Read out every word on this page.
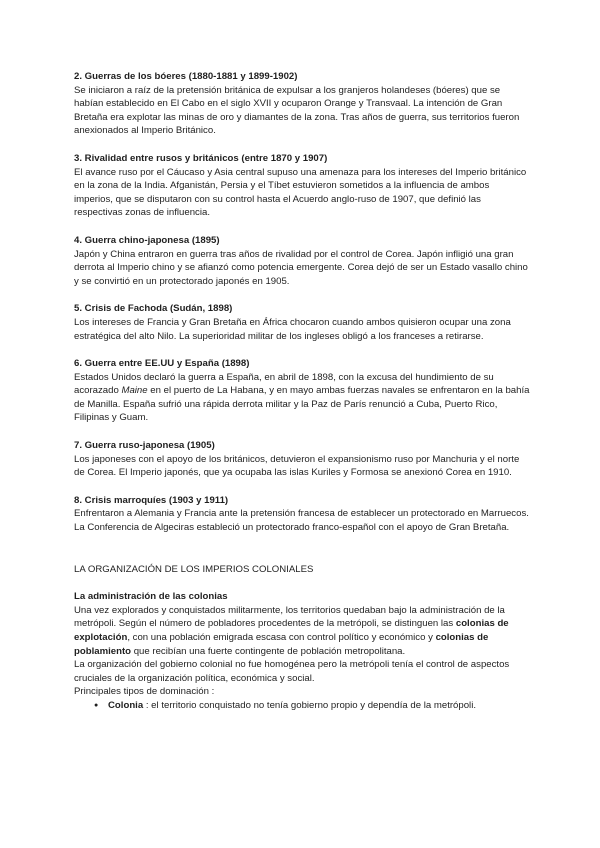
2. Guerras de los bóeres (1880-1881 y 1899-1902)

Se iniciaron a raíz de la pretensión británica de expulsar a los granjeros holandeses (bóeres) que se habían establecido en El Cabo en el siglo XVII y ocuparon Orange y Transvaal. La intención de Gran Bretaña era explotar las minas de oro y diamantes de la zona. Tras años de guerra, sus territorios fueron anexionados al Imperio Británico.

3. Rivalidad entre rusos y británicos (entre 1870 y 1907)

El avance ruso por el Cáucaso y Asia central supuso una amenaza para los intereses del Imperio británico en la zona de la India. Afganistán, Persia y el Tíbet estuvieron sometidos a la influencia de ambos imperios, que se disputaron con su control hasta el Acuerdo anglo-ruso de 1907, que definió las respectivas zonas de influencia.

4. Guerra chino-japonesa (1895)

Japón y China entraron en guerra tras años de rivalidad por el control de Corea. Japón infligió una gran derrota al Imperio chino y se afianzó como potencia emergente. Corea dejó de ser un Estado vasallo chino y se convirtió en un protectorado japonés en 1905.

5. Crisis de Fachoda (Sudán, 1898)

Los intereses de Francia y Gran Bretaña en África chocaron cuando ambos quisieron ocupar una zona estratégica del alto Nilo. La superioridad militar de los ingleses obligó a los franceses a retirarse.

6. Guerra entre EE.UU y España (1898)

Estados Unidos declaró la guerra a España, en abril de 1898, con la excusa del hundimiento de su acorazado Maine en el puerto de La Habana, y en mayo ambas fuerzas navales se enfrentaron en la bahía de Manilla. España sufrió una rápida derrota militar y la Paz de París renunció a Cuba, Puerto Rico, Filipinas y Guam.

7. Guerra ruso-japonesa (1905)

Los japoneses con el apoyo de los británicos, detuvieron el expansionismo ruso por Manchuria y el norte de Corea. El Imperio japonés, que ya ocupaba las islas Kuriles y Formosa se anexionó Corea en 1910.

8. Crisis marroquíes (1903 y 1911)

Enfrentaron a Alemania y Francia ante la pretensión francesa de establecer un protectorado en Marruecos. La Conferencia de Algeciras estableció un protectorado franco-español con el apoyo de Gran Bretaña.

LA ORGANIZACIÓN DE LOS IMPERIOS COLONIALES
La administración de las colonias

Una vez explorados y conquistados militarmente, los territorios quedaban bajo la administración de la metrópoli. Según el número de pobladores procedentes de la metrópoli, se distinguen las colonias de explotación, con una población emigrada escasa con control político y económico y colonias de poblamiento que recibían una fuerte contingente de población metropolitana.

La organización del gobierno colonial no fue homogénea pero la metrópoli tenía el control de aspectos cruciales de la organización política, económica y social.

Principales tipos de dominación :

● Colonia : el territorio conquistado no tenía gobierno propio y dependía de la metrópoli.
